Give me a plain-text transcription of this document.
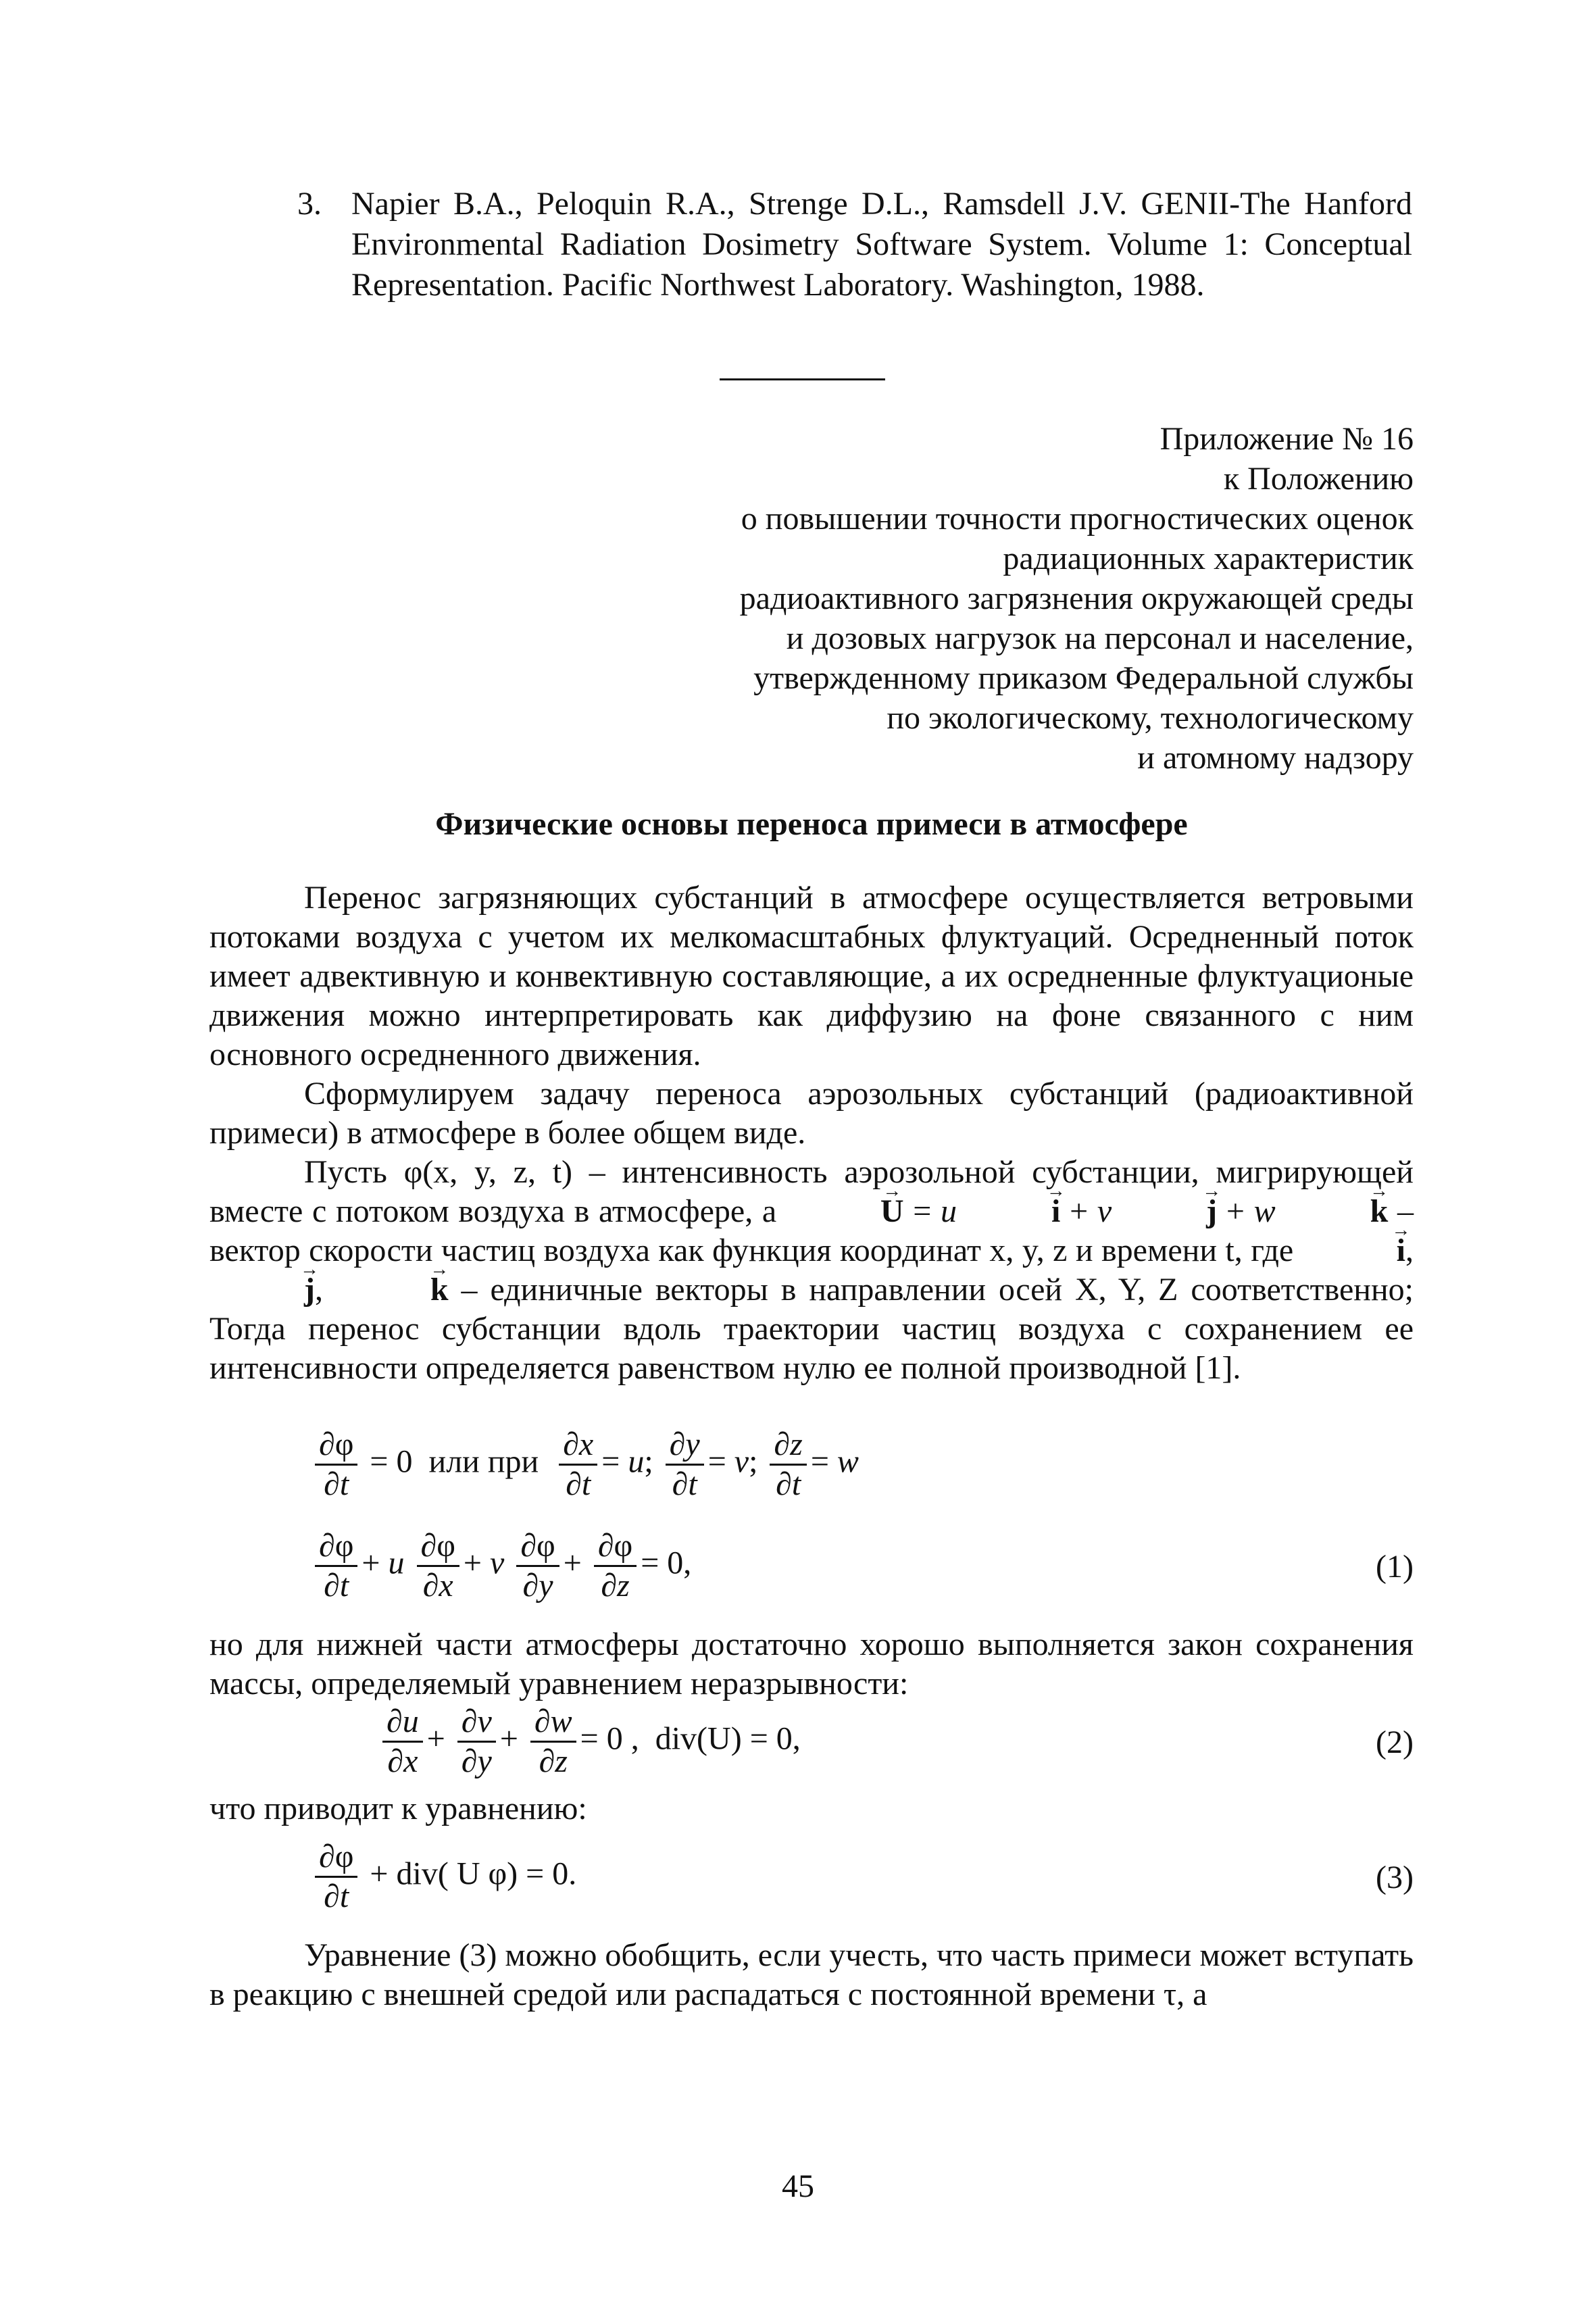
3. Napier B.A., Peloquin R.A., Strenge D.L., Ramsdell J.V. GENII-The Hanford Environmental Radiation Dosimetry Software System. Volume 1: Conceptual Representation. Pacific Northwest Laboratory. Washington, 1988.
Приложение № 16
к Положению
о повышении точности прогностических оценок
радиационных характеристик
радиоактивного загрязнения окружающей среды
и дозовых нагрузок на персонал и население,
утвержденному приказом Федеральной службы
по экологическому, технологическому
и атомному надзору
Физические основы переноса примеси в атмосфере
Перенос загрязняющих субстанций в атмосфере осуществляется ветровыми потоками воздуха с учетом их мелкомасштабных флуктуаций. Осредненный поток имеет адвективную и конвективную составляющие, а их осредненные флуктуационые движения можно интерпретировать как диффузию на фоне связанного с ним основного осредненного движения.
Сформулируем задачу переноса аэрозольных субстанций (радиоактивной примеси) в атмосфере в более общем виде.
Пусть φ(x, y, z, t) – интенсивность аэрозольной субстанции, мигрирующей вместе с потоком воздуха в атмосфере, а	U → = u	i → + v	j → + w	k → – вектор скорости частиц воздуха как функция координат x, y, z и времени t, где	i →, j →,	k → – единичные векторы в направлении осей X, Y, Z соответственно; Тогда перенос субстанции вдоль траектории частиц воздуха с сохранением ее интенсивности определяется равенством нулю ее полной производной [1].
$\frac{\partial\varphi}{\partial t} = 0$  или при $\frac{\partial x}{\partial t} = u$; $\frac{\partial y}{\partial t} = v$; $\frac{\partial z}{\partial t} = w$
$\frac{\partial\varphi}{\partial t} + u \frac{\partial\varphi}{\partial x} + v \frac{\partial\varphi}{\partial y} + \frac{\partial\varphi}{\partial z} = 0$,	(1)
но для нижней части атмосферы достаточно хорошо выполняется закон сохранения массы, определяемый уравнением неразрывности:
$\frac{\partial u}{\partial x} + \frac{\partial v}{\partial y} + \frac{\partial w}{\partial z} = 0$ ,  div(U) = 0,	(2)
что приводит к уравнению:
$\frac{\partial\varphi}{\partial t} + div$( U φ) = 0.	(3)
Уравнение (3) можно обобщить, если учесть, что часть примеси может вступать в реакцию с внешней средой или распадаться с постоянной времени τ, а
45
